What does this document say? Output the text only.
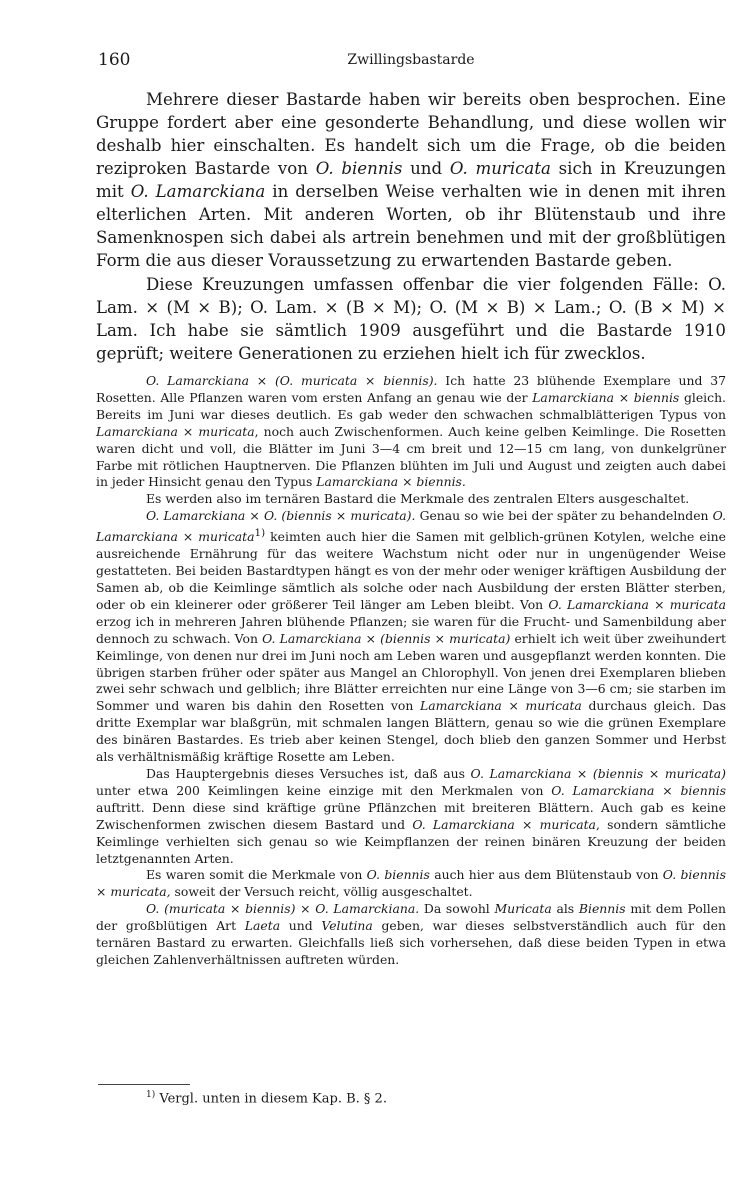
160	Zwillingsbastarde

Mehrere dieser Bastarde haben wir bereits oben besprochen. Eine Gruppe fordert aber eine gesonderte Behandlung, und diese wollen wir deshalb hier einschalten. Es handelt sich um die Frage, ob die beiden reziproken Bastarde von O. biennis und O. muricata sich in Kreuzungen mit O. Lamarckiana in derselben Weise verhalten wie in denen mit ihren elterlichen Arten. Mit anderen Worten, ob ihr Blütenstaub und ihre Samenknospen sich dabei als artrein benehmen und mit der großblütigen Form die aus dieser Voraussetzung zu erwartenden Bastarde geben.

Diese Kreuzungen umfassen offenbar die vier folgenden Fälle: O. Lam. × (M × B); O. Lam. × (B × M); O. (M × B) × Lam.; O. (B × M) × Lam. Ich habe sie sämtlich 1909 ausgeführt und die Bastarde 1910 geprüft; weitere Generationen zu erziehen hielt ich für zwecklos.

O. Lamarckiana × (O. muricata × biennis). Ich hatte 23 blühende Exemplare und 37 Rosetten. Alle Pflanzen waren vom ersten Anfang an genau wie der Lamarckiana × biennis gleich. Bereits im Juni war dieses deutlich. Es gab weder den schwachen schmalblätterigen Typus von Lamarckiana × muricata, noch auch Zwischenformen. Auch keine gelben Keimlinge. Die Rosetten waren dicht und voll, die Blätter im Juni 3—4 cm breit und 12—15 cm lang, von dunkelgrüner Farbe mit rötlichen Hauptnerven. Die Pflanzen blühten im Juli und August und zeigten auch dabei in jeder Hinsicht genau den Typus Lamarckiana × biennis.

Es werden also im ternären Bastard die Merkmale des zentralen Elters ausgeschaltet.

O. Lamarckiana × O. (biennis × muricata). Genau so wie bei der später zu behandelnden O. Lamarckiana × muricata$^{1)}$ keimten auch hier die Samen mit gelblich-grünen Kotylen, welche eine ausreichende Ernährung für das weitere Wachstum nicht oder nur in ungenügender Weise gestatteten. Bei beiden Bastardtypen hängt es von der mehr oder weniger kräftigen Ausbildung der Samen ab, ob die Keimlinge sämtlich als solche oder nach Ausbildung der ersten Blätter sterben, oder ob ein kleinerer oder größerer Teil länger am Leben bleibt. Von O. Lamarckiana × muricata erzog ich in mehreren Jahren blühende Pflanzen; sie waren für die Frucht- und Samenbildung aber dennoch zu schwach. Von O. Lamarckiana × (biennis × muricata) erhielt ich weit über zweihundert Keimlinge, von denen nur drei im Juni noch am Leben waren und ausgepflanzt werden konnten. Die übrigen starben früher oder später aus Mangel an Chlorophyll. Von jenen drei Exemplaren blieben zwei sehr schwach und gelblich; ihre Blätter erreichten nur eine Länge von 3—6 cm; sie starben im Sommer und waren bis dahin den Rosetten von Lamarckiana × muricata durchaus gleich. Das dritte Exemplar war blaßgrün, mit schmalen langen Blättern, genau so wie die grünen Exemplare des binären Bastardes. Es trieb aber keinen Stengel, doch blieb den ganzen Sommer und Herbst als verhältnismäßig kräftige Rosette am Leben.

Das Hauptergebnis dieses Versuches ist, daß aus O. Lamarckiana × (biennis × muricata) unter etwa 200 Keimlingen keine einzige mit den Merkmalen von O. Lamarckiana × biennis auftritt. Denn diese sind kräftige grüne Pflänzchen mit breiteren Blättern. Auch gab es keine Zwischenformen zwischen diesem Bastard und O. Lamarckiana × muricata, sondern sämtliche Keimlinge verhielten sich genau so wie Keimpflanzen der reinen binären Kreuzung der beiden letztgenannten Arten.

Es waren somit die Merkmale von O. biennis auch hier aus dem Blütenstaub von O. biennis × muricata, soweit der Versuch reicht, völlig ausgeschaltet.

O. (muricata × biennis) × O. Lamarckiana. Da sowohl Muricata als Biennis mit dem Pollen der großblütigen Art Laeta und Velutina geben, war dieses selbstverständlich auch für den ternären Bastard zu erwarten. Gleichfalls ließ sich vorhersehen, daß diese beiden Typen in etwa gleichen Zahlenverhältnissen auftreten würden.

$^{1)}$ Vergl. unten in diesem Kap. B. § 2.
